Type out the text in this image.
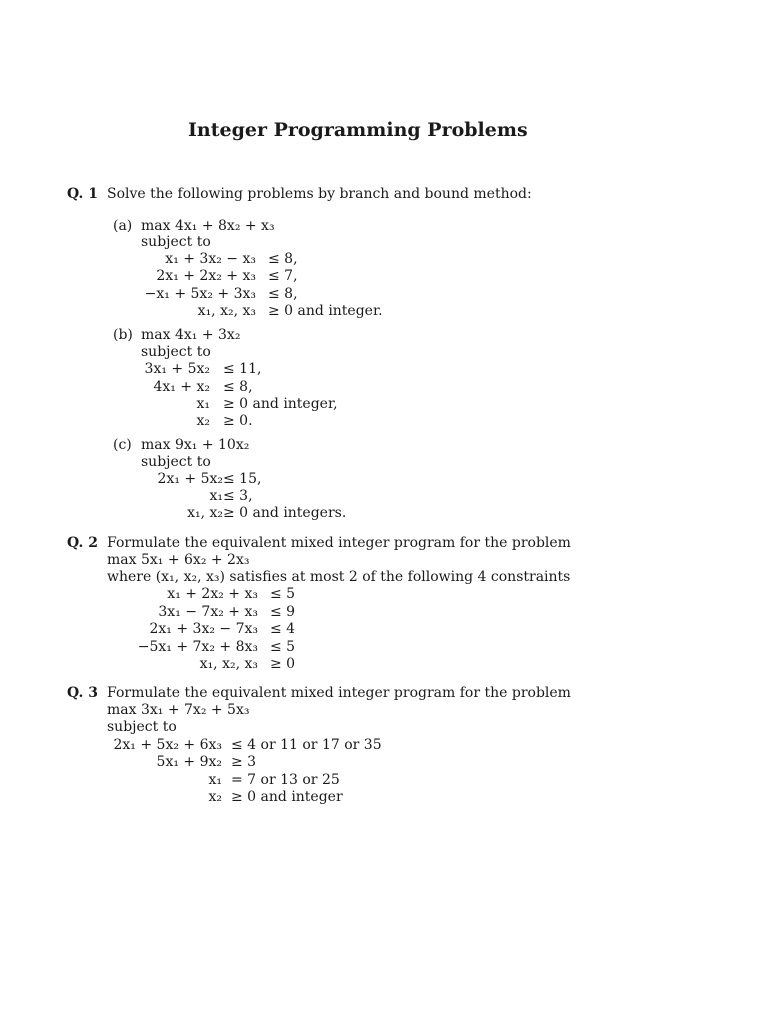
Integer Programming Problems
Q. 1 Solve the following problems by branch and bound method:
(a) max 4x₁ + 8x₂ + x₃
subject to
x₁ + 3x₂ − x₃ ≤ 8,
2x₁ + 2x₂ + x₃ ≤ 7,
−x₁ + 5x₂ + 3x₃ ≤ 8,
x₁, x₂, x₃ ≥ 0 and integer.
(b) max 4x₁ + 3x₂
subject to
3x₁ + 5x₂ ≤ 11,
4x₁ + x₂ ≤ 8,
x₁ ≥ 0 and integer,
x₂ ≥ 0.
(c) max 9x₁ + 10x₂
subject to
2x₁ + 5x₂ ≤ 15,
x₁ ≤ 3,
x₁, x₂ ≥ 0 and integers.
Q. 2 Formulate the equivalent mixed integer program for the problem
max 5x₁ + 6x₂ + 2x₃
where (x₁, x₂, x₃) satisfies at most 2 of the following 4 constraints
x₁ + 2x₂ + x₃ ≤ 5
3x₁ − 7x₂ + x₃ ≤ 9
2x₁ + 3x₂ − 7x₃ ≤ 4
−5x₁ + 7x₂ + 8x₃ ≤ 5
x₁, x₂, x₃ ≥ 0
Q. 3 Formulate the equivalent mixed integer program for the problem
max 3x₁ + 7x₂ + 5x₃
subject to
2x₁ + 5x₂ + 6x₃ ≤ 4 or 11 or 17 or 35
5x₁ + 9x₂ ≥ 3
x₁ = 7 or 13 or 25
x₂ ≥ 0 and integer
